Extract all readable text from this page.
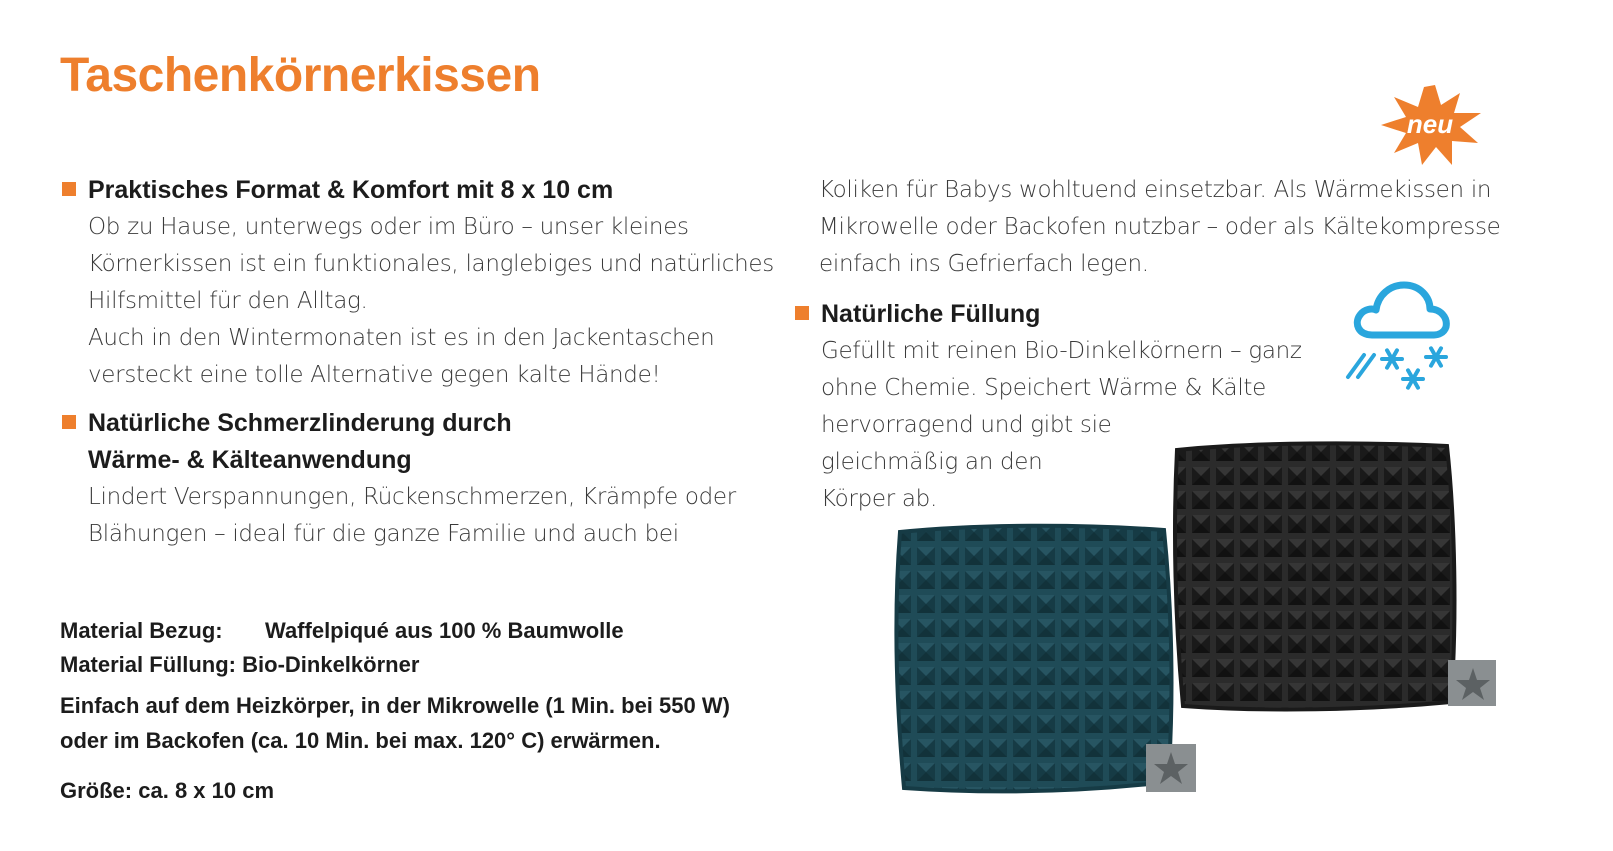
Taschenkörnerkissen
neu
Praktisches Format & Komfort mit 8 x 10 cm
Ob zu Hause, unterwegs oder im Büro – unser kleines
Körnerkissen ist ein funktionales, langlebiges und natürliches
Hilfsmittel für den Alltag.
Auch in den Wintermonaten ist es in den Jackentaschen
versteckt eine tolle Alternative gegen kalte Hände!
Natürliche Schmerzlinderung durch
Wärme- & Kälteanwendung
Lindert Verspannungen, Rückenschmerzen, Krämpfe oder
Blähungen – ideal für die ganze Familie und auch bei
Koliken für Babys wohltuend einsetzbar. Als Wärmekissen in
Mikrowelle oder Backofen nutzbar – oder als Kältekompresse
einfach ins Gefrierfach legen.
Natürliche Füllung
Gefüllt mit reinen Bio-Dinkelkörnern – ganz
ohne Chemie. Speichert Wärme & Kälte
hervorragend und gibt sie
gleichmäßig an den
Körper ab.
Material Bezug: Waffelpiqué aus 100 % Baumwolle
Material Füllung: Bio-Dinkelkörner
Einfach auf dem Heizkörper, in der Mikrowelle (1 Min. bei 550 W)
oder im Backofen (ca. 10 Min. bei max. 120° C) erwärmen.
Größe: ca. 8 x 10 cm
